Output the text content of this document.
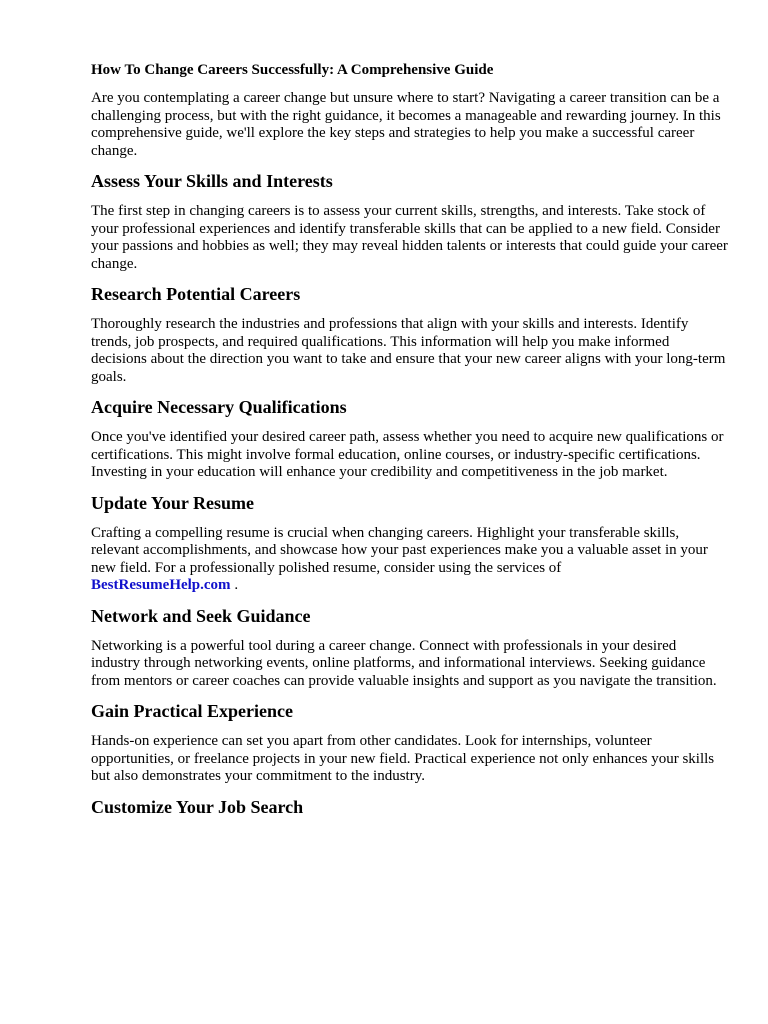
How To Change Careers Successfully: A Comprehensive Guide

Are you contemplating a career change but unsure where to start? Navigating a career transition can be a challenging process, but with the right guidance, it becomes a manageable and rewarding journey. In this comprehensive guide, we'll explore the key steps and strategies to help you make a successful career change.

Assess Your Skills and Interests

The first step in changing careers is to assess your current skills, strengths, and interests. Take stock of your professional experiences and identify transferable skills that can be applied to a new field. Consider your passions and hobbies as well; they may reveal hidden talents or interests that could guide your career change.

Research Potential Careers

Thoroughly research the industries and professions that align with your skills and interests. Identify trends, job prospects, and required qualifications. This information will help you make informed decisions about the direction you want to take and ensure that your new career aligns with your long-term goals.

Acquire Necessary Qualifications

Once you've identified your desired career path, assess whether you need to acquire new qualifications or certifications. This might involve formal education, online courses, or industry-specific certifications. Investing in your education will enhance your credibility and competitiveness in the job market.

Update Your Resume

Crafting a compelling resume is crucial when changing careers. Highlight your transferable skills, relevant accomplishments, and showcase how your past experiences make you a valuable asset in your new field. For a professionally polished resume, consider using the services of
BestResumeHelp.com .

Network and Seek Guidance

Networking is a powerful tool during a career change. Connect with professionals in your desired industry through networking events, online platforms, and informational interviews. Seeking guidance from mentors or career coaches can provide valuable insights and support as you navigate the transition.

Gain Practical Experience

Hands-on experience can set you apart from other candidates. Look for internships, volunteer opportunities, or freelance projects in your new field. Practical experience not only enhances your skills but also demonstrates your commitment to the industry.

Customize Your Job Search
